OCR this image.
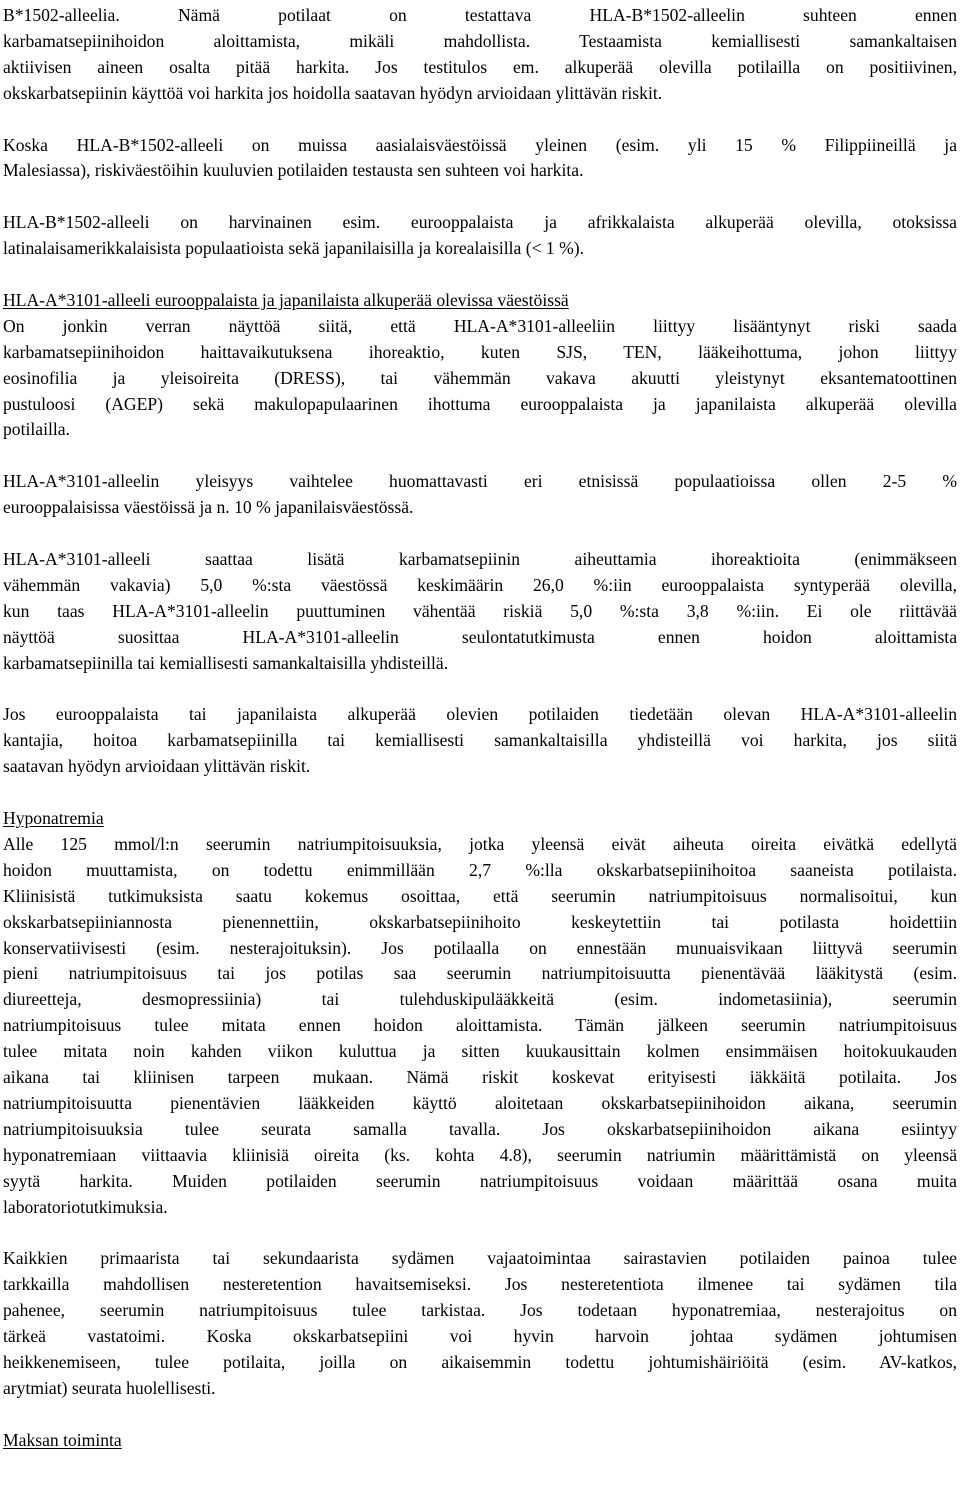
B*1502-alleelia. Nämä potilaat on testattava HLA-B*1502-alleelin suhteen ennen
karbamatsepiinihoidon aloittamista, mikäli mahdollista. Testaamista kemiallisesti samankaltaisen
aktiivisen aineen osalta pitää harkita. Jos testitulos em. alkuperää olevilla potilailla on positiivinen,
okskarbatsepiinin käyttöä voi harkita jos hoidolla saatavan hyödyn arvioidaan ylittävän riskit.
Koska HLA-B*1502-alleeli on muissa aasialaisväestöissä yleinen (esim. yli 15 % Filippiineillä ja
Malesiassa), riskiväestöihin kuuluvien potilaiden testausta sen suhteen voi harkita.
HLA-B*1502-alleeli on harvinainen esim. eurooppalaista ja afrikkalaista alkuperää olevilla, otoksissa
latinalaisamerikkalaisista populaatioista sekä japanilaisilla ja korealaisilla (< 1 %).
HLA-A*3101-alleeli eurooppalaista ja japanilaista alkuperää olevissa väestöissä
On jonkin verran näyttöä siitä, että HLA-A*3101-alleeliin liittyy lisääntynyt riski saada
karbamatsepiinihoidon haittavaikutuksena ihoreaktio, kuten SJS, TEN, lääkeihottuma, johon liittyy
eosinofilia ja yleisoireita (DRESS), tai vähemmän vakava akuutti yleistynyt eksantematoottinen
pustuloosi (AGEP) sekä makulopapulaarinen ihottuma eurooppalaista ja japanilaista alkuperää olevilla
potilailla.
HLA-A*3101-alleelin yleisyys vaihtelee huomattavasti eri etnisissä populaatioissa ollen 2-5 %
eurooppalaisissa väestöissä ja n. 10 % japanilaisväestössä.
HLA-A*3101-alleeli saattaa lisätä karbamatsepiinin aiheuttamia ihoreaktioita (enimmäkseen
vähemmän vakavia) 5,0 %:sta väestössä keskimäärin 26,0 %:iin eurooppalaista syntyperää olevilla,
kun taas HLA-A*3101-alleelin puuttuminen vähentää riskiä 5,0 %:sta 3,8 %:iin. Ei ole riittävää
näyttöä suosittaa HLA-A*3101-alleelin seulontatutkimusta ennen hoidon aloittamista
karbamatsepiinilla tai kemiallisesti samankaltaisilla yhdisteillä.
Jos eurooppalaista tai japanilaista alkuperää olevien potilaiden tiedetään olevan HLA-A*3101-alleelin
kantajia, hoitoa karbamatsepiinilla tai kemiallisesti samankaltaisilla yhdisteillä voi harkita, jos siitä
saatavan hyödyn arvioidaan ylittävän riskit.
Hyponatremia
Alle 125 mmol/l:n seerumin natriumpitoisuuksia, jotka yleensä eivät aiheuta oireita eivätkä edellytä
hoidon muuttamista, on todettu enimmillään 2,7 %:lla okskarbatsepiinihoitoa saaneista potilaista.
Kliinisistä tutkimuksista saatu kokemus osoittaa, että seerumin natriumpitoisuus normalisoitui, kun
okskarbatsepiiniannosta pienennettiin, okskarbatsepiinihoito keskeytettiin tai potilasta hoidettiin
konservatiivisesti (esim. nesterajoituksin). Jos potilaalla on ennestään munuaisvikaan liittyvä seerumin
pieni natriumpitoisuus tai jos potilas saa seerumin natriumpitoisuutta pienentävää lääkitystä (esim.
diureetteja, desmopressiinia) tai tulehduskipulääkkeitä (esim. indometasiinia), seerumin
natriumpitoisuus tulee mitata ennen hoidon aloittamista. Tämän jälkeen seerumin natriumpitoisuus
tulee mitata noin kahden viikon kuluttua ja sitten kuukausittain kolmen ensimmäisen hoitokuukauden
aikana tai kliinisen tarpeen mukaan. Nämä riskit koskevat erityisesti iäkkäitä potilaita. Jos
natriumpitoisuutta pienentävien lääkkeiden käyttö aloitetaan okskarbatsepiinihoidon aikana, seerumin
natriumpitoisuuksia tulee seurata samalla tavalla. Jos okskarbatsepiinihoidon aikana esiintyy
hyponatremiaan viittaavia kliinisiä oireita (ks. kohta 4.8), seerumin natriumin määrittämistä on yleensä
syytä harkita. Muiden potilaiden seerumin natriumpitoisuus voidaan määrittää osana muita
laboratoriotutkimuksia.
Kaikkien primaarista tai sekundaarista sydämen vajaatoimintaa sairastavien potilaiden painoa tulee
tarkkailla mahdollisen nesteretention havaitsemiseksi. Jos nesteretentiota ilmenee tai sydämen tila
pahenee, seerumin natriumpitoisuus tulee tarkistaa. Jos todetaan hyponatremiaa, nesterajoitus on
tärkeä vastatoimi. Koska okskarbatsepiini voi hyvin harvoin johtaa sydämen johtumisen
heikkenemiseen, tulee potilaita, joilla on aikaisemmin todettu johtumishäiriöitä (esim. AV-katkos,
arytmiat) seurata huolellisesti.
Maksan toiminta
